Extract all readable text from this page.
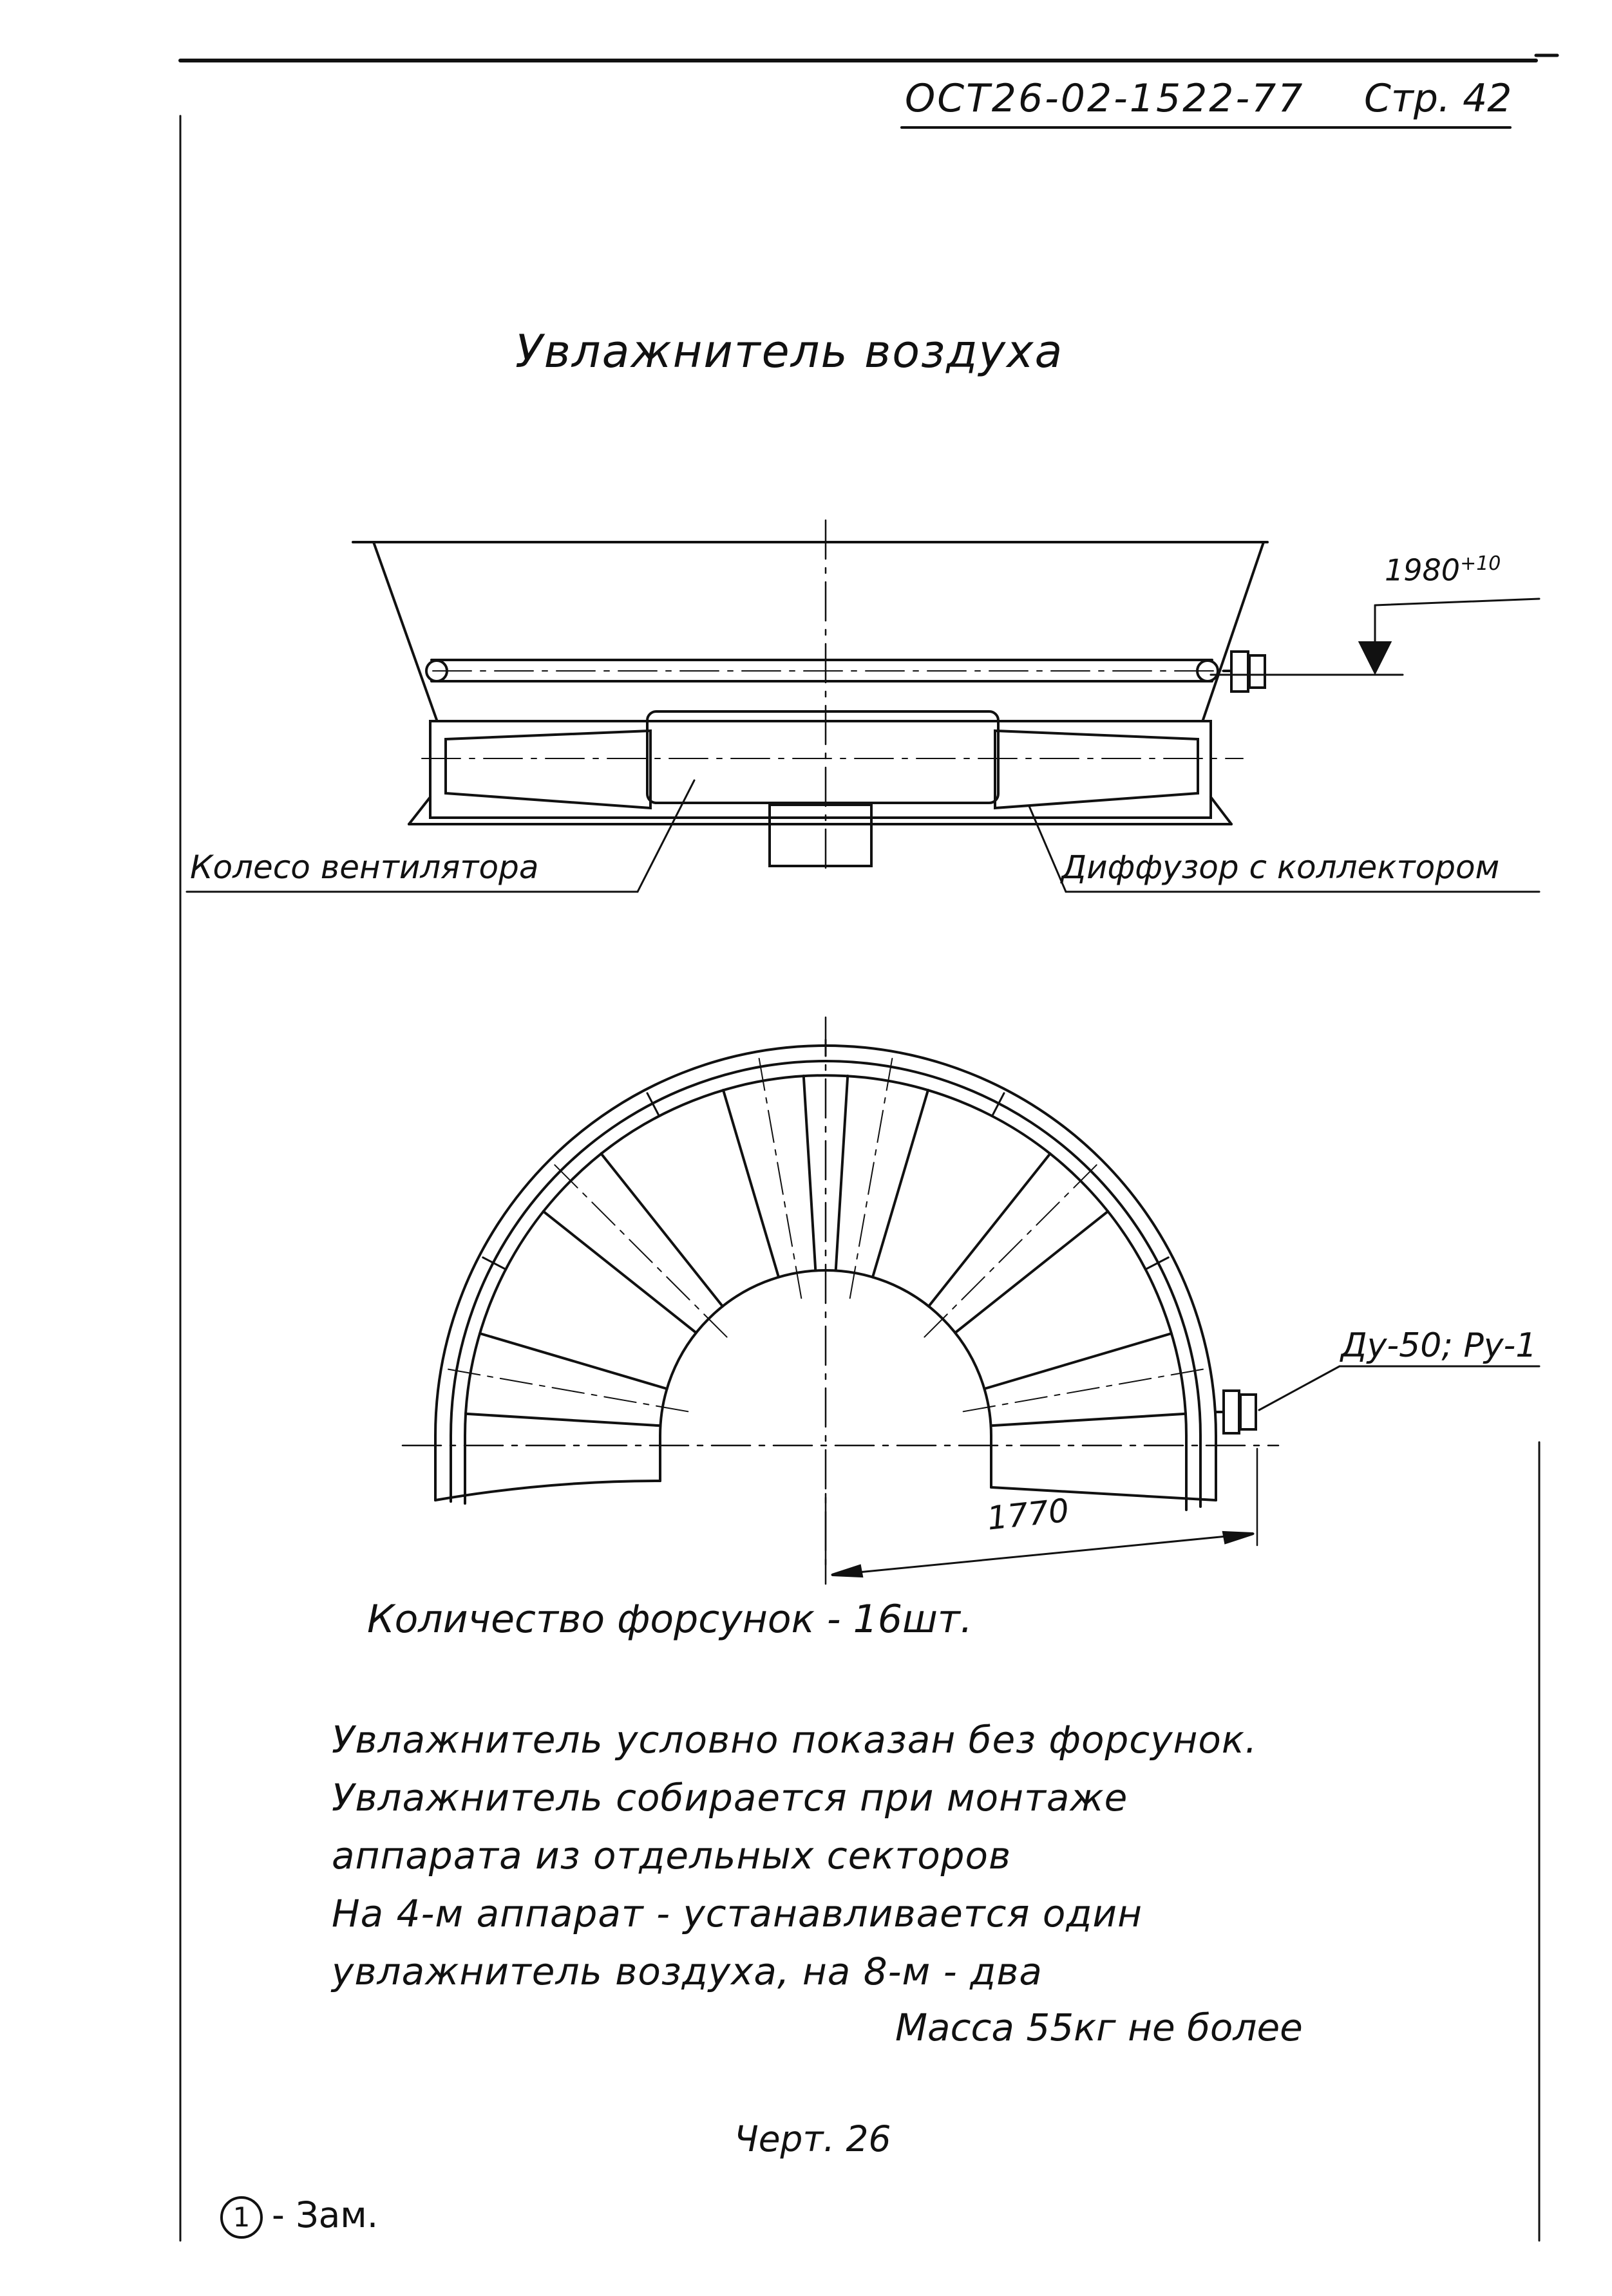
ОСТ26-02-1522-77 Стр. 42
Увлажнитель воздуха
Колесо вентилятора	Диффузор с коллектором
$1980^{+10}$
Ду-50; Ру-1
1770
Количество форсунок - 16шт.
Увлажнитель условно показан без форсунок.
Увлажнитель собирается при монтаже
аппарата из отдельных секторов
На 4-м аппарат - устанавливается один
увлажнитель воздуха, на 8-м - два
Масса 55кг не более
Черт. 26
1 - Зам.
